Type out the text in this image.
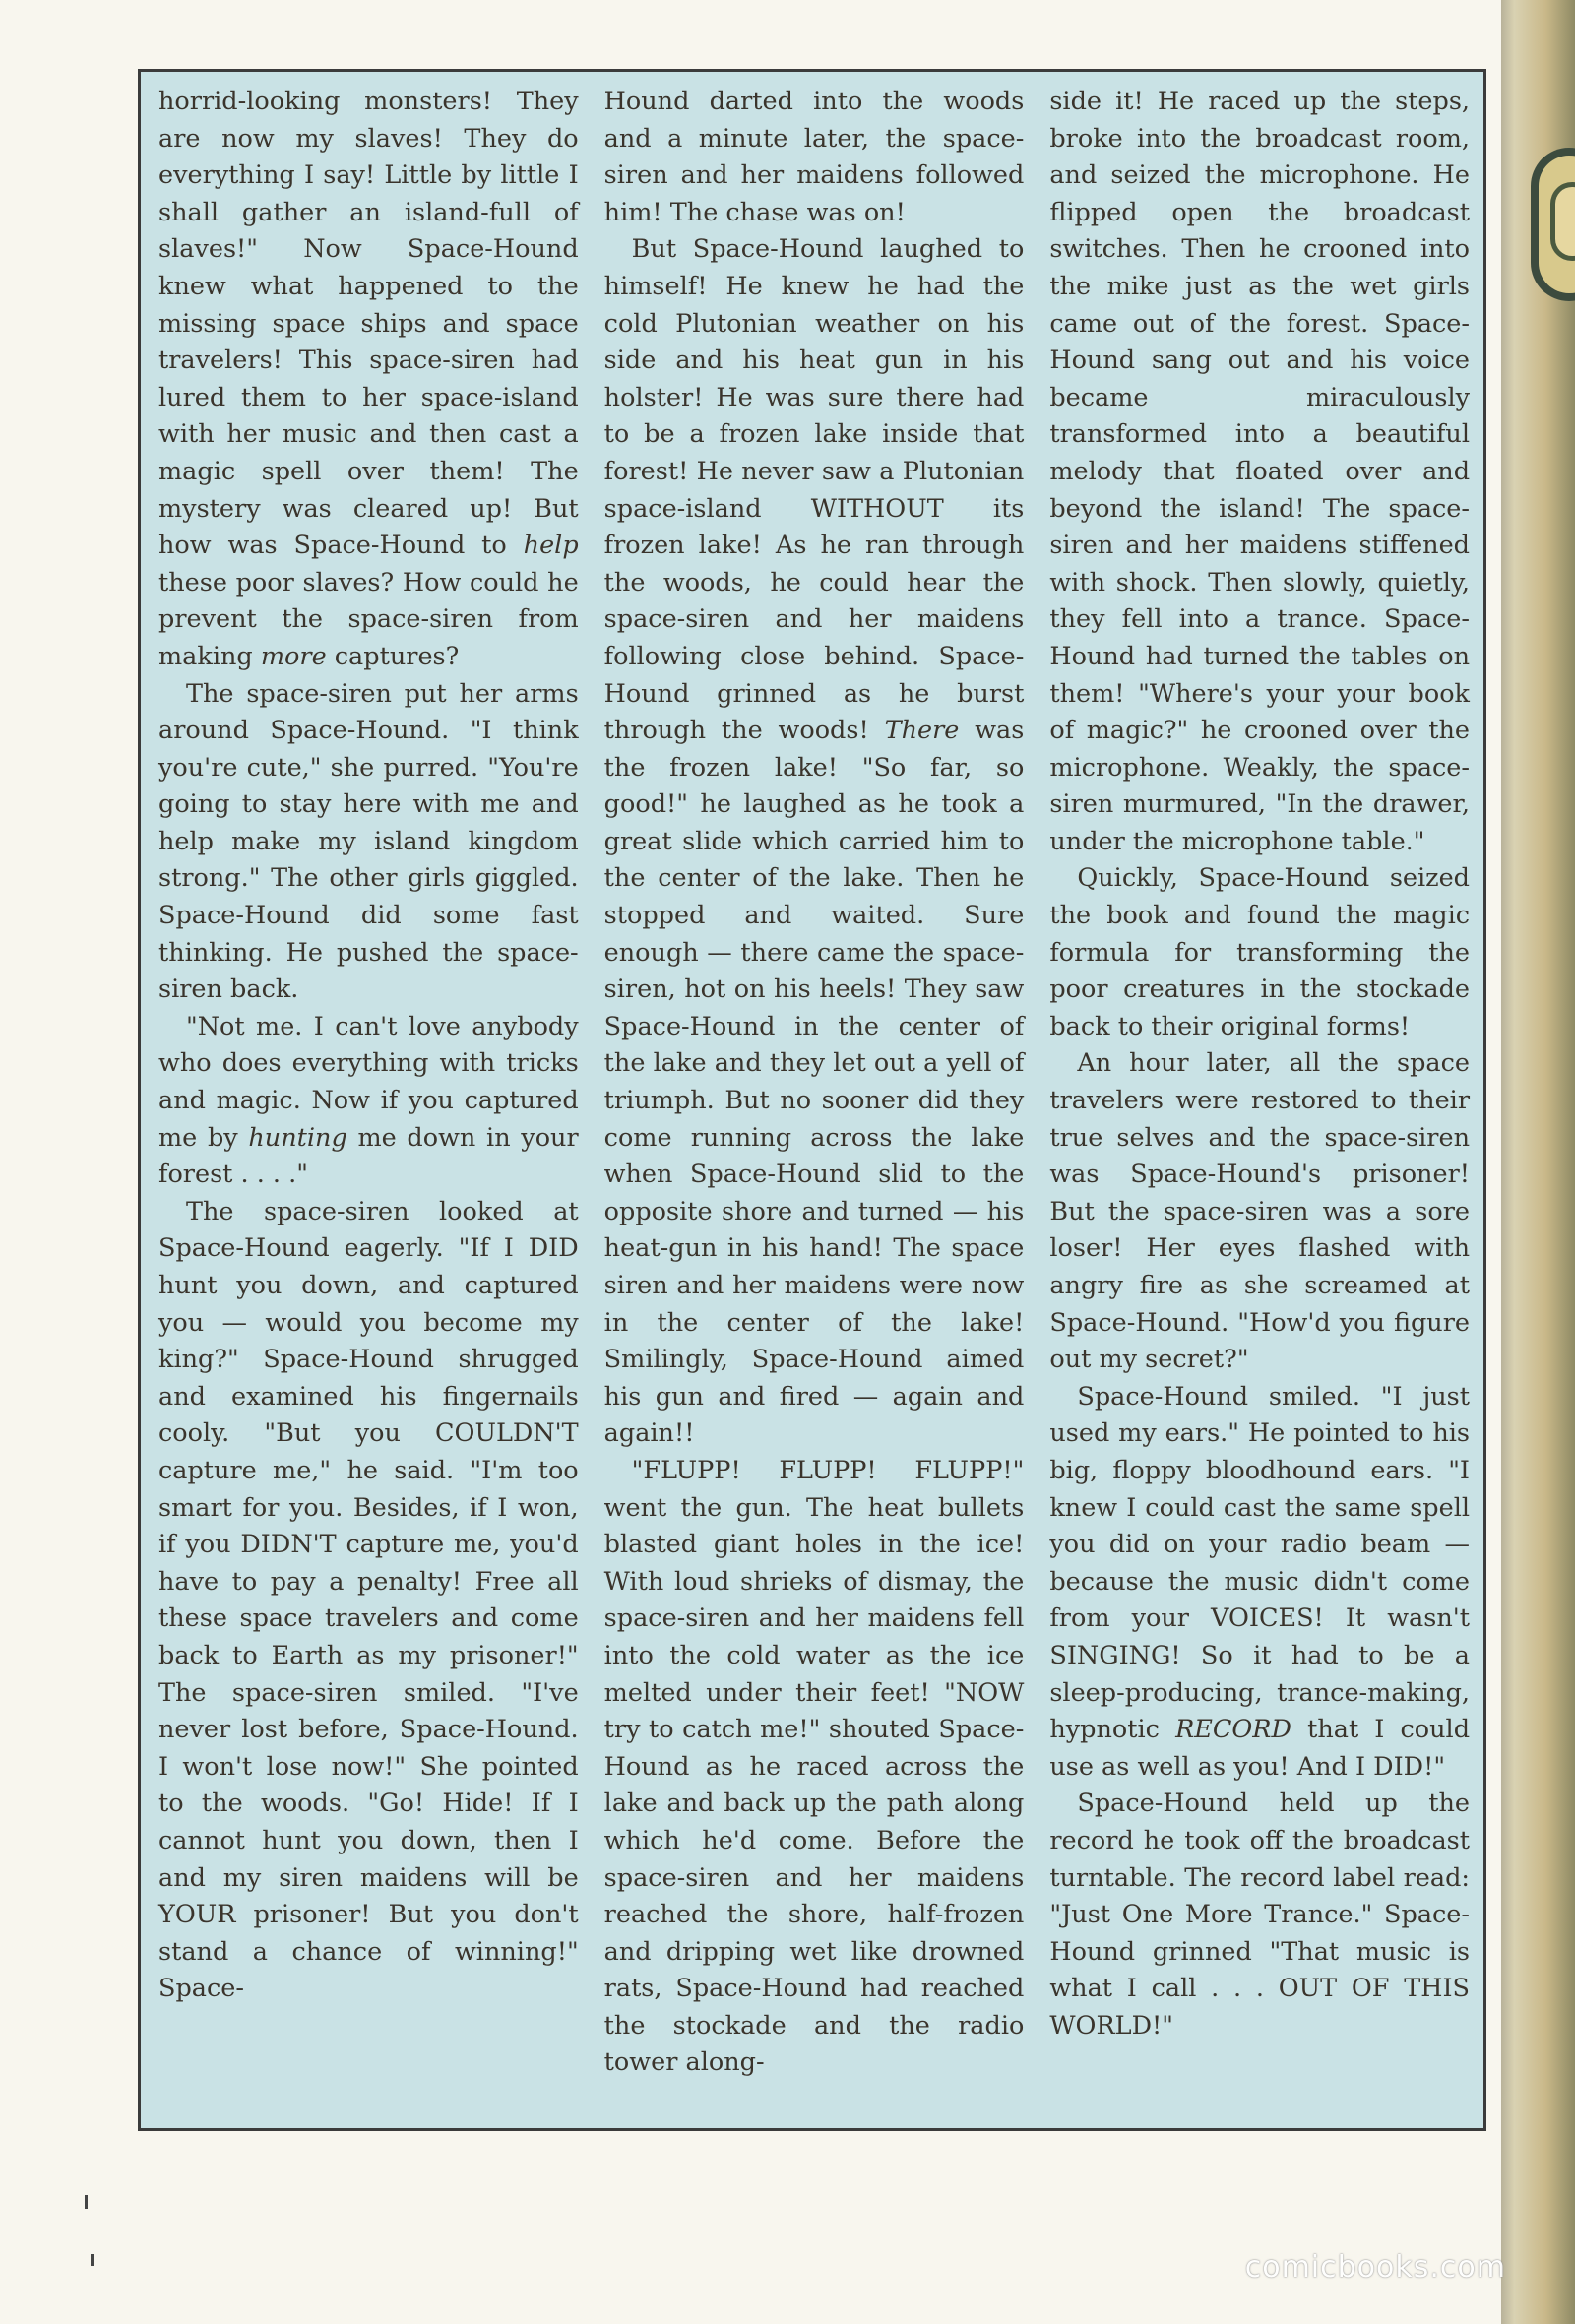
horrid-looking monsters! They are now my slaves! They do everything I say! Little by little I shall gather an island-full of slaves!" Now Space-Hound knew what happened to the missing space ships and space travelers! This space-siren had lured them to her space-island with her music and then cast a magic spell over them! The mystery was cleared up! But how was Space-Hound to help these poor slaves? How could he prevent the space-siren from making more captures?

The space-siren put her arms around Space-Hound. "I think you're cute," she purred. "You're going to stay here with me and help make my island kingdom strong." The other girls giggled. Space-Hound did some fast thinking. He pushed the space-siren back.

"Not me. I can't love anybody who does everything with tricks and magic. Now if you captured me by hunting me down in your forest . . . ."

The space-siren looked at Space-Hound eagerly. "If I DID hunt you down, and captured you — would you become my king?" Space-Hound shrugged and examined his fingernails cooly. "But you COULDN'T capture me," he said. "I'm too smart for you. Besides, if I won, if you DIDN'T capture me, you'd have to pay a penalty! Free all these space travelers and come back to Earth as my prisoner!" The space-siren smiled. "I've never lost before, Space-Hound. I won't lose now!" She pointed to the woods. "Go! Hide! If I cannot hunt you down, then I and my siren maidens will be YOUR prisoner! But you don't stand a chance of winning!" Space-

Hound darted into the woods and a minute later, the space-siren and her maidens followed him! The chase was on!

But Space-Hound laughed to himself! He knew he had the cold Plutonian weather on his side and his heat gun in his holster! He was sure there had to be a frozen lake inside that forest! He never saw a Plutonian space-island WITHOUT its frozen lake! As he ran through the woods, he could hear the space-siren and her maidens following close behind. Space-Hound grinned as he burst through the woods! There was the frozen lake! "So far, so good!" he laughed as he took a great slide which carried him to the center of the lake. Then he stopped and waited. Sure enough — there came the space-siren, hot on his heels! They saw Space-Hound in the center of the lake and they let out a yell of triumph. But no sooner did they come running across the lake when Space-Hound slid to the opposite shore and turned — his heat-gun in his hand! The space siren and her maidens were now in the center of the lake! Smilingly, Space-Hound aimed his gun and fired — again and again!!

"FLUPP! FLUPP! FLUPP!" went the gun. The heat bullets blasted giant holes in the ice! With loud shrieks of dismay, the space-siren and her maidens fell into the cold water as the ice melted under their feet! "NOW try to catch me!" shouted Space-Hound as he raced across the lake and back up the path along which he'd come. Before the space-siren and her maidens reached the shore, half-frozen and dripping wet like drowned rats, Space-Hound had reached the stockade and the radio tower along-

side it! He raced up the steps, broke into the broadcast room, and seized the microphone. He flipped open the broadcast switches. Then he crooned into the mike just as the wet girls came out of the forest. Space-Hound sang out and his voice became miraculously transformed into a beautiful melody that floated over and beyond the island! The space-siren and her maidens stiffened with shock. Then slowly, quietly, they fell into a trance. Space-Hound had turned the tables on them! "Where's your your book of magic?" he crooned over the microphone. Weakly, the space-siren murmured, "In the drawer, under the microphone table."

Quickly, Space-Hound seized the book and found the magic formula for transforming the poor creatures in the stockade back to their original forms!

An hour later, all the space travelers were restored to their true selves and the space-siren was Space-Hound's prisoner! But the space-siren was a sore loser! Her eyes flashed with angry fire as she screamed at Space-Hound. "How'd you figure out my secret?"

Space-Hound smiled. "I just used my ears." He pointed to his big, floppy bloodhound ears. "I knew I could cast the same spell you did on your radio beam — because the music didn't come from your VOICES! It wasn't SINGING! So it had to be a sleep-producing, trance-making, hypnotic RECORD that I could use as well as you! And I DID!"

Space-Hound held up the record he took off the broadcast turntable. The record label read: "Just One More Trance." Space-Hound grinned "That music is what I call . . . OUT OF THIS WORLD!"

comicbooks.com
